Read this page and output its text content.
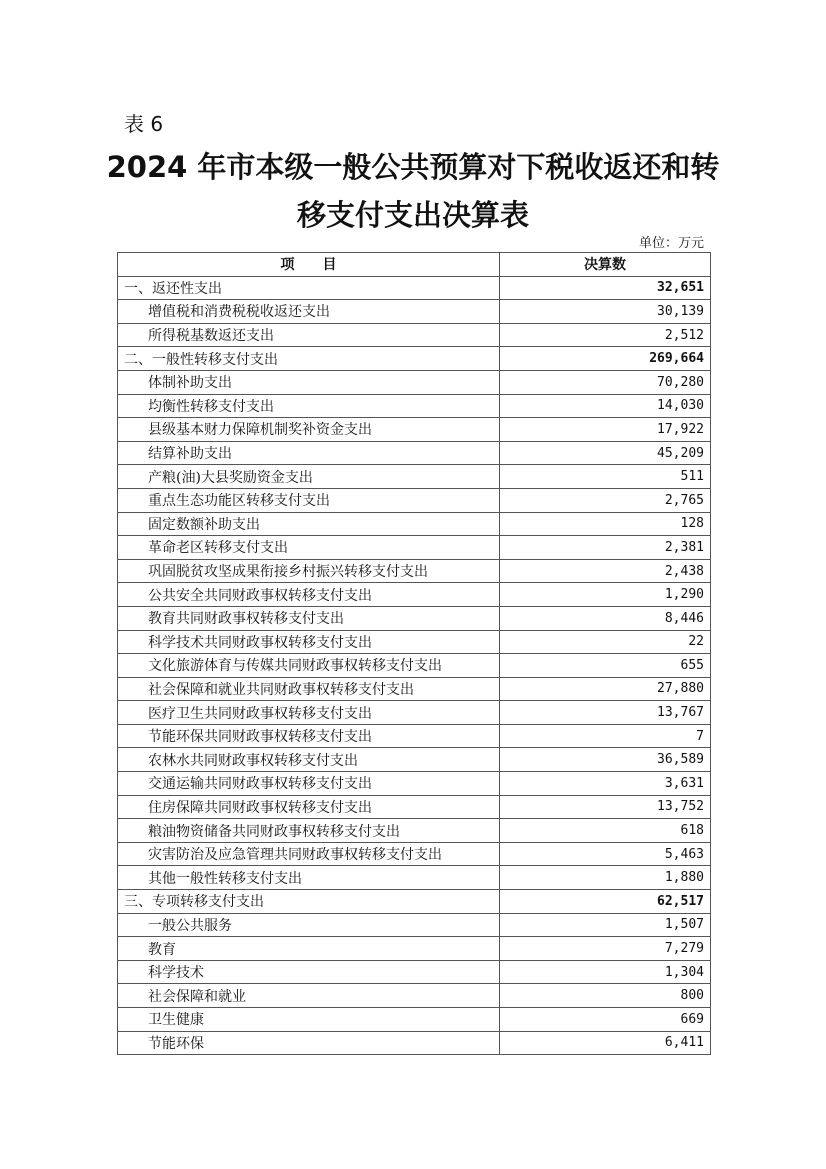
表 6
2024 年市本级一般公共预算对下税收返还和转
移支付支出决算表
单位：万元
项　　目	决算数
一、返还性支出	32,651
增值税和消费税税收返还支出	30,139
所得税基数返还支出	2,512
二、一般性转移支付支出	269,664
体制补助支出	70,280
均衡性转移支付支出	14,030
县级基本财力保障机制奖补资金支出	17,922
结算补助支出	45,209
产粮(油)大县奖励资金支出	511
重点生态功能区转移支付支出	2,765
固定数额补助支出	128
革命老区转移支付支出	2,381
巩固脱贫攻坚成果衔接乡村振兴转移支付支出	2,438
公共安全共同财政事权转移支付支出	1,290
教育共同财政事权转移支付支出	8,446
科学技术共同财政事权转移支付支出	22
文化旅游体育与传媒共同财政事权转移支付支出	655
社会保障和就业共同财政事权转移支付支出	27,880
医疗卫生共同财政事权转移支付支出	13,767
节能环保共同财政事权转移支付支出	7
农林水共同财政事权转移支付支出	36,589
交通运输共同财政事权转移支付支出	3,631
住房保障共同财政事权转移支付支出	13,752
粮油物资储备共同财政事权转移支付支出	618
灾害防治及应急管理共同财政事权转移支付支出	5,463
其他一般性转移支付支出	1,880
三、专项转移支付支出	62,517
一般公共服务	1,507
教育	7,279
科学技术	1,304
社会保障和就业	800
卫生健康	669
节能环保	6,411
